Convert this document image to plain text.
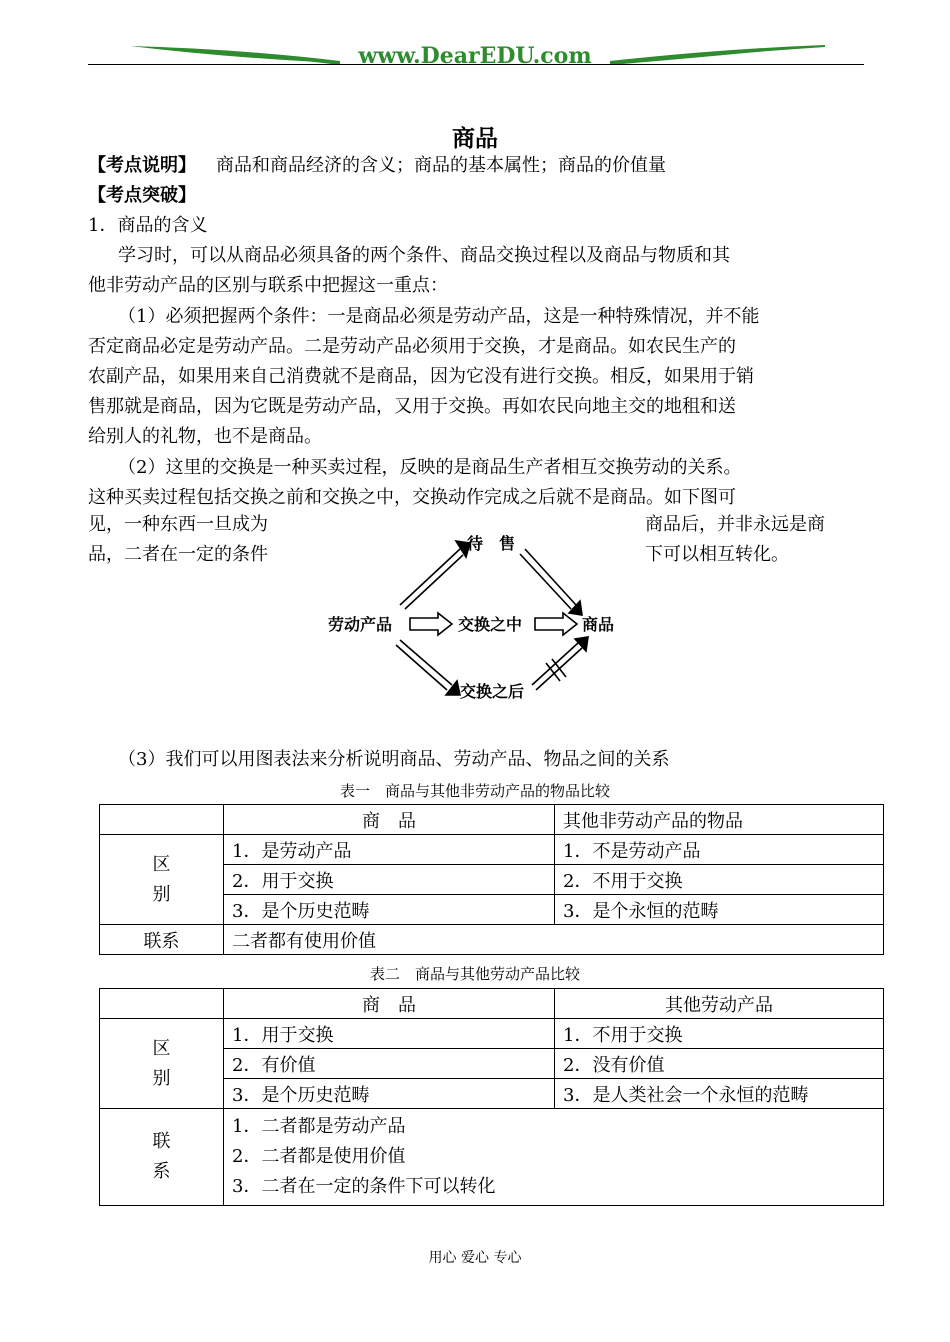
www.DearEDU.com
商品
【考点说明】 商品和商品经济的含义；商品的基本属性；商品的价值量
【考点突破】
1．商品的含义
学习时，可以从商品必须具备的两个条件、商品交换过程以及商品与物质和其
他非劳动产品的区别与联系中把握这一重点：
（1）必须把握两个条件：一是商品必须是劳动产品，这是一种特殊情况，并不能
否定商品必定是劳动产品。二是劳动产品必须用于交换，才是商品。如农民生产的
农副产品，如果用来自己消费就不是商品，因为它没有进行交换。相反，如果用于销
售那就是商品，因为它既是劳动产品，又用于交换。再如农民向地主交的地租和送
给别人的礼物，也不是商品。
（2）这里的交换是一种买卖过程，反映的是商品生产者相互交换劳动的关系。
这种买卖过程包括交换之前和交换之中，交换动作完成之后就不是商品。如下图可
见，一种东西一旦成为	商品后，并非永远是商
品，二者在一定的条件	下可以相互转化。
待　售
劳动产品	交换之中	商品
交换之后
（3）我们可以用图表法来分析说明商品、劳动产品、物品之间的关系
表一　商品与其他非劳动产品的物品比较
	商　品	其他非劳动产品的物品

区
别	1．是劳动产品	1．不是劳动产品
	2．用于交换	2．不用于交换
	3．是个历史范畴	3．是个永恒的范畴
联系	二者都有使用价值	
表二　商品与其他劳动产品比较
	商　品	其他劳动产品

区
别	1．用于交换	1．不用于交换
	2．有价值	2．没有价值
	3．是个历史范畴	3．是人类社会一个永恒的范畴

联
系	1．二者都是劳动产品
2．二者都是使用价值
3．二者在一定的条件下可以转化	
用心 爱心 专心
